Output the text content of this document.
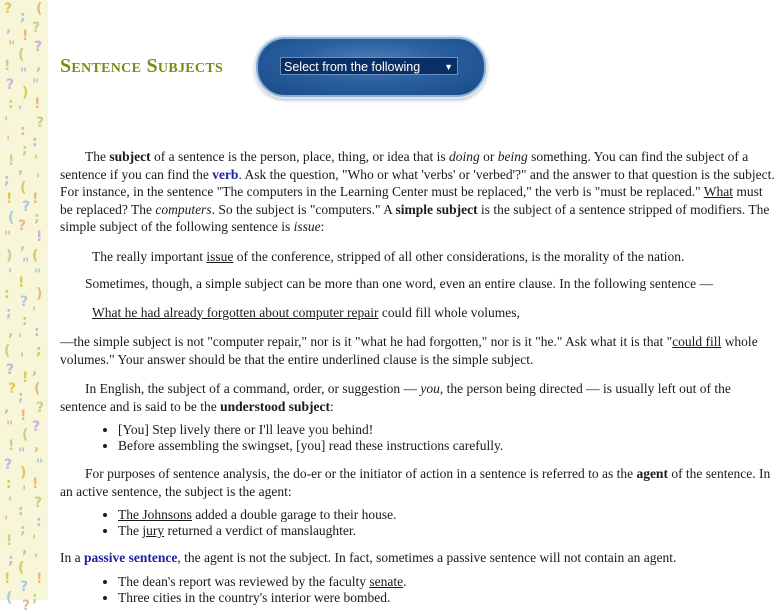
? ; (
, ! ?
" ( ?
! " ,
? ) "
: ' !
' : ?
' ; :
! , '
; ( '
! ? !
( ? ;
" , !
) " (
' ! "
: ? )
; : '
, ' :
( ' ;
? ! ,
? ; (
, ! ?
" ( ?
! " ,
? ) "
: ' !
' : ?
' ; :
! , '
; ( '
! ? !
( ? ;
Sentence Subjects	Select from the following	▼

The subject of a sentence is the person, place, thing, or idea that is doing or being something. You can find the subject of a sentence if you can find the verb. Ask the question, "Who or what 'verbs' or 'verbed'?" and the answer to that question is the subject. For instance, in the sentence "The computers in the Learning Center must be replaced," the verb is "must be replaced." What must be replaced? The computers. So the subject is "computers." A simple subject is the subject of a sentence stripped of modifiers. The simple subject of the following sentence is issue:

The really important issue of the conference, stripped of all other considerations, is the morality of the nation.

Sometimes, though, a simple subject can be more than one word, even an entire clause. In the following sentence —

What he had already forgotten about computer repair could fill whole volumes,

—the simple subject is not "computer repair," nor is it "what he had forgotten," nor is it "he." Ask what it is that "could fill whole volumes." Your answer should be that the entire underlined clause is the simple subject.

In English, the subject of a command, order, or suggestion — you, the person being directed — is usually left out of the sentence and is said to be the understood subject:

• [You] Step lively there or I'll leave you behind!
• Before assembling the swingset, [you] read these instructions carefully.

For purposes of sentence analysis, the do-er or the initiator of action in a sentence is referred to as the agent of the sentence. In an active sentence, the subject is the agent:

• The Johnsons added a double garage to their house.
• The jury returned a verdict of manslaughter.

In a passive sentence, the agent is not the subject. In fact, sometimes a passive sentence will not contain an agent.

• The dean's report was reviewed by the faculty senate.
• Three cities in the country's interior were bombed.
